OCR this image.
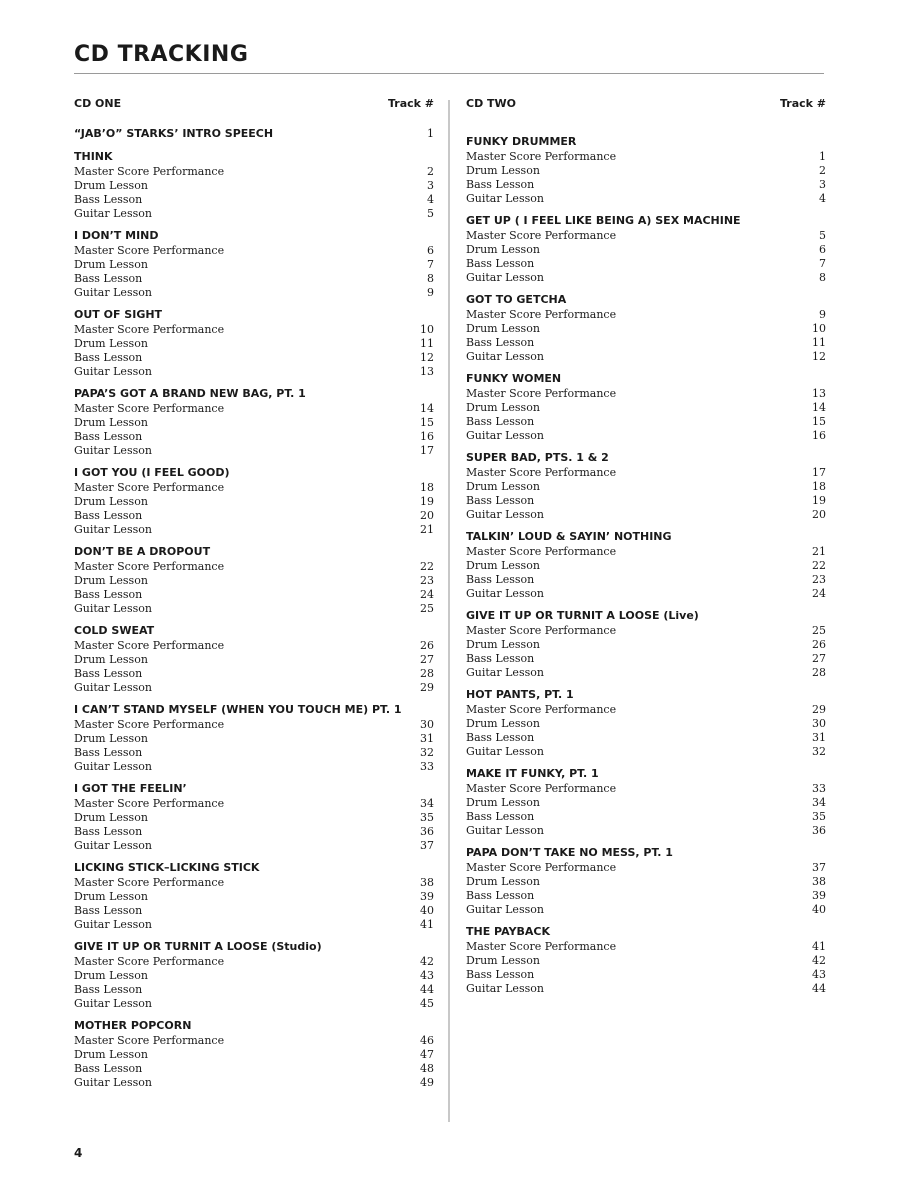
CD TRACKING
CD ONE	Track #
“JAB’O” STARKS’ INTRO SPEECH	1
THINK
Master Score Performance	2
Drum Lesson	3
Bass Lesson	4
Guitar Lesson	5
I DON’T MIND
Master Score Performance	6
Drum Lesson	7
Bass Lesson	8
Guitar Lesson	9
OUT OF SIGHT
Master Score Performance	10
Drum Lesson	11
Bass Lesson	12
Guitar Lesson	13
PAPA’S GOT A BRAND NEW BAG, PT. 1
Master Score Performance	14
Drum Lesson	15
Bass Lesson	16
Guitar Lesson	17
I GOT YOU (I FEEL GOOD)
Master Score Performance	18
Drum Lesson	19
Bass Lesson	20
Guitar Lesson	21
DON’T BE A DROPOUT
Master Score Performance	22
Drum Lesson	23
Bass Lesson	24
Guitar Lesson	25
COLD SWEAT
Master Score Performance	26
Drum Lesson	27
Bass Lesson	28
Guitar Lesson	29
I CAN’T STAND MYSELF (WHEN YOU TOUCH ME) PT. 1
Master Score Performance	30
Drum Lesson	31
Bass Lesson	32
Guitar Lesson	33
I GOT THE FEELIN’
Master Score Performance	34
Drum Lesson	35
Bass Lesson	36
Guitar Lesson	37
LICKING STICK–LICKING STICK
Master Score Performance	38
Drum Lesson	39
Bass Lesson	40
Guitar Lesson	41
GIVE IT UP OR TURNIT A LOOSE (Studio)
Master Score Performance	42
Drum Lesson	43
Bass Lesson	44
Guitar Lesson	45
MOTHER POPCORN
Master Score Performance	46
Drum Lesson	47
Bass Lesson	48
Guitar Lesson	49
CD TWO	Track #
FUNKY DRUMMER
Master Score Performance	1
Drum Lesson	2
Bass Lesson	3
Guitar Lesson	4
GET UP ( I FEEL LIKE BEING A) SEX MACHINE
Master Score Performance	5
Drum Lesson	6
Bass Lesson	7
Guitar Lesson	8
GOT TO GETCHA
Master Score Performance	9
Drum Lesson	10
Bass Lesson	11
Guitar Lesson	12
FUNKY WOMEN
Master Score Performance	13
Drum Lesson	14
Bass Lesson	15
Guitar Lesson	16
SUPER BAD, PTS. 1 & 2
Master Score Performance	17
Drum Lesson	18
Bass Lesson	19
Guitar Lesson	20
TALKIN’ LOUD & SAYIN’ NOTHING
Master Score Performance	21
Drum Lesson	22
Bass Lesson	23
Guitar Lesson	24
GIVE IT UP OR TURNIT A LOOSE (Live)
Master Score Performance	25
Drum Lesson	26
Bass Lesson	27
Guitar Lesson	28
HOT PANTS, PT. 1
Master Score Performance	29
Drum Lesson	30
Bass Lesson	31
Guitar Lesson	32
MAKE IT FUNKY, PT. 1
Master Score Performance	33
Drum Lesson	34
Bass Lesson	35
Guitar Lesson	36
PAPA DON’T TAKE NO MESS, PT. 1
Master Score Performance	37
Drum Lesson	38
Bass Lesson	39
Guitar Lesson	40
THE PAYBACK
Master Score Performance	41
Drum Lesson	42
Bass Lesson	43
Guitar Lesson	44
4
